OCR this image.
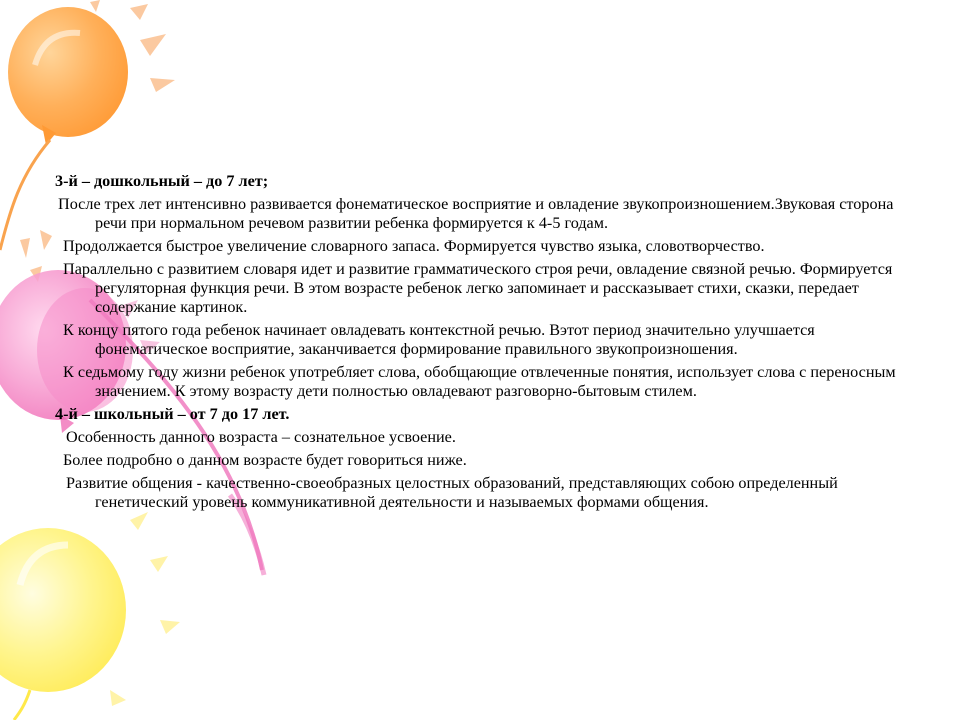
3-й – дошкольный – до 7 лет;

После трех лет интенсивно развивается фонематическое восприятие и овладение звукопроизношением.Звуковая сторона речи при нормальном речевом развитии ребенка формируется к 4-5 годам.

Продолжается быстрое увеличение словарного запаса. Формируется чувство языка, словотворчество.

Параллельно с развитием словаря идет и развитие грамматического строя речи, овладение связной речью. Формируется регуляторная функция речи. В этом возрасте ребенок легко запоминает и рассказывает стихи, сказки, передает содержание картинок.

К концу пятого года ребенок начинает овладевать контекстной речью. Вэтот период значительно улучшается фонематическое восприятие, заканчивается формирование правильного звукопроизношения.

К седьмому году жизни ребенок употребляет слова, обобщающие отвлеченные понятия, использует слова с переносным значением. К этому возрасту дети полностью овладевают разговорно-бытовым стилем.

4-й – школьный – от 7 до 17 лет.

Особенность данного возраста – сознательное усвоение.

Более подробно о данном возрасте будет говориться ниже.

Развитие общения - качественно-своеобразных целостных образований, представляющих собою определенный генетический уровень коммуникативной деятельности и называемых формами общения.
